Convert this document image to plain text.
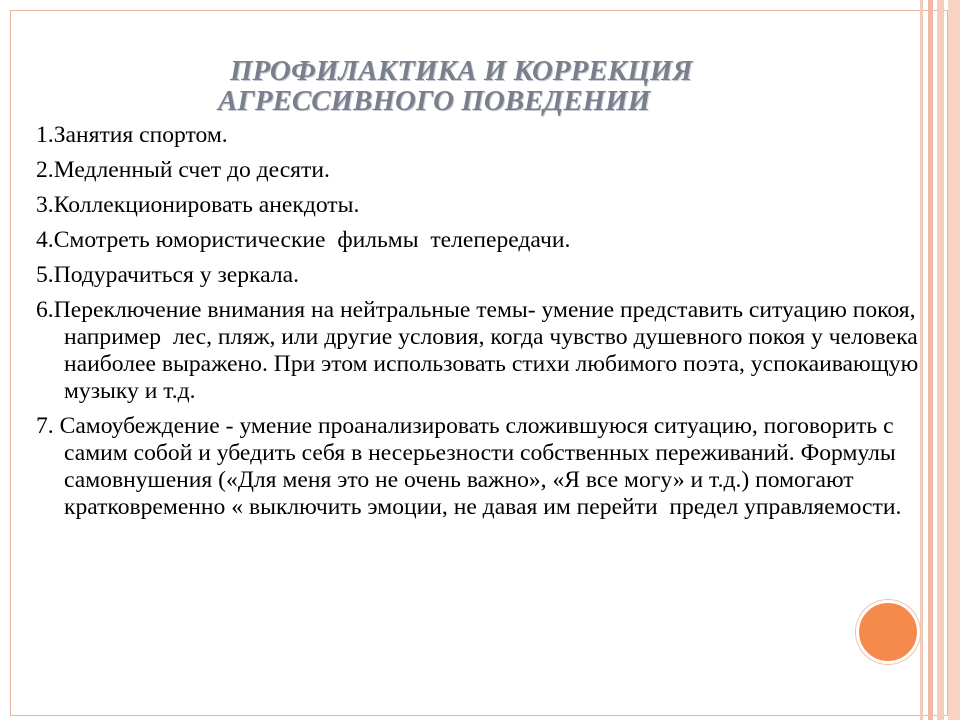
ПРОФИЛАКТИКА И КОРРЕКЦИЯ
АГРЕССИВНОГО ПОВЕДЕНИИ
1.Занятия спортом.
2.Медленный счет до десяти.
3.Коллекционировать анекдоты.
4.Смотреть юмористические  фильмы  телепередачи.
5.Подурачиться у зеркала.
6.Переключение внимания на нейтральные темы- умение представить ситуацию покоя, например  лес, пляж, или другие условия, когда чувство душевного покоя у человека наиболее выражено. При этом использовать стихи любимого поэта, успокаивающую музыку и т.д.
7. Самоубеждение - умение проанализировать сложившуюся ситуацию, поговорить с самим собой и убедить себя в несерьезности собственных переживаний. Формулы самовнушения («Для меня это не очень важно», «Я все могу» и т.д.) помогают кратковременно « выключить эмоции, не давая им перейти  предел управляемости.
